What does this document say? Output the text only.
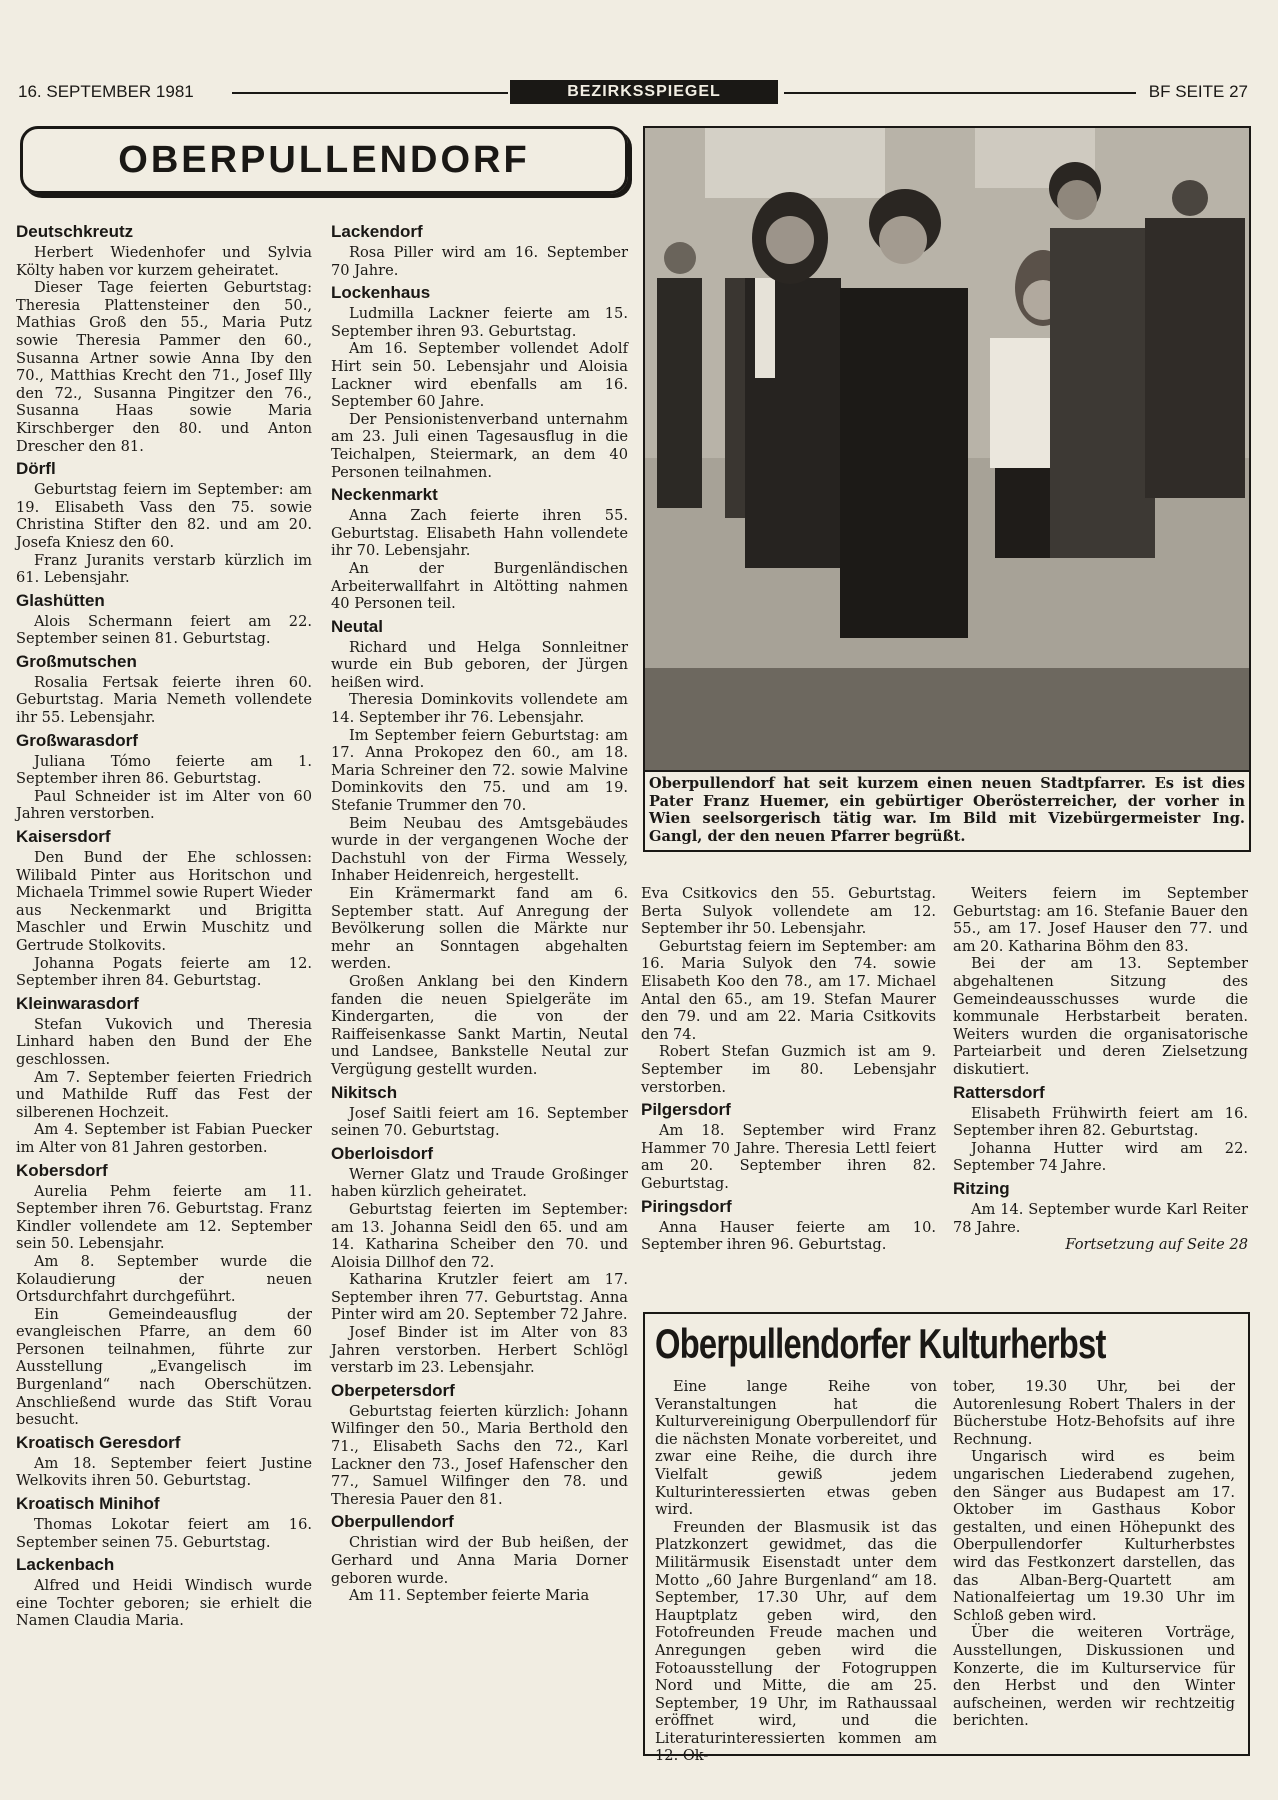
16. SEPTEMBER 1981	BEZIRKSSPIEGEL	BF SEITE 27
OBERPULLENDORF
Deutschkreutz

Herbert Wiedenhofer und Sylvia Költy haben vor kurzem geheiratet.

Dieser Tage feierten Geburtstag: Theresia Plattensteiner den 50., Mathias Groß den 55., Maria Putz sowie Theresia Pammer den 60., Susanna Artner sowie Anna Iby den 70., Matthias Krecht den 71., Josef Illy den 72., Susanna Pingitzer den 76., Susanna Haas sowie Maria Kirschberger den 80. und Anton Drescher den 81.

Dörfl

Geburtstag feiern im September: am 19. Elisabeth Vass den 75. sowie Christina Stifter den 82. und am 20. Josefa Kniesz den 60.

Franz Juranits verstarb kürzlich im 61. Lebensjahr.

Glashütten

Alois Schermann feiert am 22. September seinen 81. Geburtstag.

Großmutschen

Rosalia Fertsak feierte ihren 60. Geburtstag. Maria Nemeth vollendete ihr 55. Lebensjahr.

Großwarasdorf

Juliana Tómo feierte am 1. September ihren 86. Geburtstag.

Paul Schneider ist im Alter von 60 Jahren verstorben.

Kaisersdorf

Den Bund der Ehe schlossen: Wilibald Pinter aus Horitschon und Michaela Trimmel sowie Rupert Wieder aus Neckenmarkt und Brigitta Maschler und Erwin Muschitz und Gertrude Stolkovits.

Johanna Pogats feierte am 12. September ihren 84. Geburtstag.

Kleinwarasdorf

Stefan Vukovich und Theresia Linhard haben den Bund der Ehe geschlossen.

Am 7. September feierten Friedrich und Mathilde Ruff das Fest der silberenen Hochzeit.

Am 4. September ist Fabian Puecker im Alter von 81 Jahren gestorben.

Kobersdorf

Aurelia Pehm feierte am 11. September ihren 76. Geburtstag. Franz Kindler vollendete am 12. September sein 50. Lebensjahr.

Am 8. September wurde die Kolaudierung der neuen Ortsdurchfahrt durchgeführt.

Ein Gemeindeausflug der evangleischen Pfarre, an dem 60 Personen teilnahmen, führte zur Ausstellung „Evangelisch im Burgenland“ nach Oberschützen. Anschließend wurde das Stift Vorau besucht.

Kroatisch Geresdorf

Am 18. September feiert Justine Welkovits ihren 50. Geburtstag.

Kroatisch Minihof

Thomas Lokotar feiert am 16. September seinen 75. Geburtstag.

Lackenbach

Alfred und Heidi Windisch wurde eine Tochter geboren; sie erhielt die Namen Claudia Maria.

Lackendorf

Rosa Piller wird am 16. September 70 Jahre.

Lockenhaus

Ludmilla Lackner feierte am 15. September ihren 93. Geburtstag.

Am 16. September vollendet Adolf Hirt sein 50. Lebensjahr und Aloisia Lackner wird ebenfalls am 16. September 60 Jahre.

Der Pensionistenverband unternahm am 23. Juli einen Tagesausflug in die Teichalpen, Steiermark, an dem 40 Personen teilnahmen.

Neckenmarkt

Anna Zach feierte ihren 55. Geburtstag. Elisabeth Hahn vollendete ihr 70. Lebensjahr.

An der Burgenländischen Arbeiterwallfahrt in Altötting nahmen 40 Personen teil.

Neutal

Richard und Helga Sonnleitner wurde ein Bub geboren, der Jürgen heißen wird.

Theresia Dominkovits vollendete am 14. September ihr 76. Lebensjahr.

Im September feiern Geburtstag: am 17. Anna Prokopez den 60., am 18. Maria Schreiner den 72. sowie Malvine Dominkovits den 75. und am 19. Stefanie Trummer den 70.

Beim Neubau des Amtsgebäudes wurde in der vergangenen Woche der Dachstuhl von der Firma Wessely, Inhaber Heidenreich, hergestellt.

Ein Krämermarkt fand am 6. September statt. Auf Anregung der Bevölkerung sollen die Märkte nur mehr an Sonntagen abgehalten werden.

Großen Anklang bei den Kindern fanden die neuen Spielgeräte im Kindergarten, die von der Raiffeisenkasse Sankt Martin, Neutal und Landsee, Bankstelle Neutal zur Vergügung gestellt wurden.

Nikitsch

Josef Saitli feiert am 16. September seinen 70. Geburtstag.

Oberloisdorf

Werner Glatz und Traude Großinger haben kürzlich geheiratet.

Geburtstag feierten im September: am 13. Johanna Seidl den 65. und am 14. Katharina Scheiber den 70. und Aloisia Dillhof den 72.

Katharina Krutzler feiert am 17. September ihren 77. Geburtstag. Anna Pinter wird am 20. September 72 Jahre.

Josef Binder ist im Alter von 83 Jahren verstorben. Herbert Schlögl verstarb im 23. Lebensjahr.

Oberpetersdorf

Geburtstag feierten kürzlich: Johann Wilfinger den 50., Maria Berthold den 71., Elisabeth Sachs den 72., Karl Lackner den 73., Josef Hafenscher den 77., Samuel Wilfinger den 78. und Theresia Pauer den 81.

Oberpullendorf

Christian wird der Bub heißen, der Gerhard und Anna Maria Dorner geboren wurde.

Am 11. September feierte Maria

Oberpullendorf hat seit kurzem einen neuen Stadtpfarrer. Es ist dies Pater Franz Huemer, ein gebürtiger Oberösterreicher, der vorher in Wien seelsorgerisch tätig war. Im Bild mit Vizebürgermeister Ing. Gangl, der den neuen Pfarrer begrüßt.

Eva Csitkovics den 55. Geburtstag. Berta Sulyok vollendete am 12. September ihr 50. Lebensjahr.

Geburtstag feiern im September: am 16. Maria Sulyok den 74. sowie Elisabeth Koo den 78., am 17. Michael Antal den 65., am 19. Stefan Maurer den 79. und am 22. Maria Csitkovits den 74.

Robert Stefan Guzmich ist am 9. September im 80. Lebensjahr verstorben.

Pilgersdorf

Am 18. September wird Franz Hammer 70 Jahre. Theresia Lettl feiert am 20. September ihren 82. Geburtstag.

Piringsdorf

Anna Hauser feierte am 10. September ihren 96. Geburtstag.

Weiters feiern im September Geburtstag: am 16. Stefanie Bauer den 55., am 17. Josef Hauser den 77. und am 20. Katharina Böhm den 83.

Bei der am 13. September abgehaltenen Sitzung des Gemeindeausschusses wurde die kommunale Herbstarbeit beraten. Weiters wurden die organisatorische Parteiarbeit und deren Zielsetzung diskutiert.

Rattersdorf

Elisabeth Frühwirth feiert am 16. September ihren 82. Geburtstag.

Johanna Hutter wird am 22. September 74 Jahre.

Ritzing

Am 14. September wurde Karl Reiter 78 Jahre.

Fortsetzung auf Seite 28

Oberpullendorfer Kulturherbst

Eine lange Reihe von Veranstaltungen hat die Kulturvereinigung Oberpullendorf für die nächsten Monate vorbereitet, und zwar eine Reihe, die durch ihre Vielfalt gewiß jedem Kulturinteressierten etwas geben wird.

Freunden der Blasmusik ist das Platzkonzert gewidmet, das die Militärmusik Eisenstadt unter dem Motto „60 Jahre Burgenland“ am 18. September, 17.30 Uhr, auf dem Hauptplatz geben wird, den Fotofreunden Freude machen und Anregungen geben wird die Fotoausstellung der Fotogruppen Nord und Mitte, die am 25. September, 19 Uhr, im Rathaussaal eröffnet wird, und die Literaturinteressierten kommen am 12. Ok-

tober, 19.30 Uhr, bei der Autorenlesung Robert Thalers in der Bücherstube Hotz-Behofsits auf ihre Rechnung.

Ungarisch wird es beim ungarischen Liederabend zugehen, den Sänger aus Budapest am 17. Oktober im Gasthaus Kobor gestalten, und einen Höhepunkt des Oberpullendorfer Kulturherbstes wird das Festkonzert darstellen, das das Alban-Berg-Quartett am Nationalfeiertag um 19.30 Uhr im Schloß geben wird.

Über die weiteren Vorträge, Ausstellungen, Diskussionen und Konzerte, die im Kulturservice für den Herbst und den Winter aufscheinen, werden wir rechtzeitig berichten.
